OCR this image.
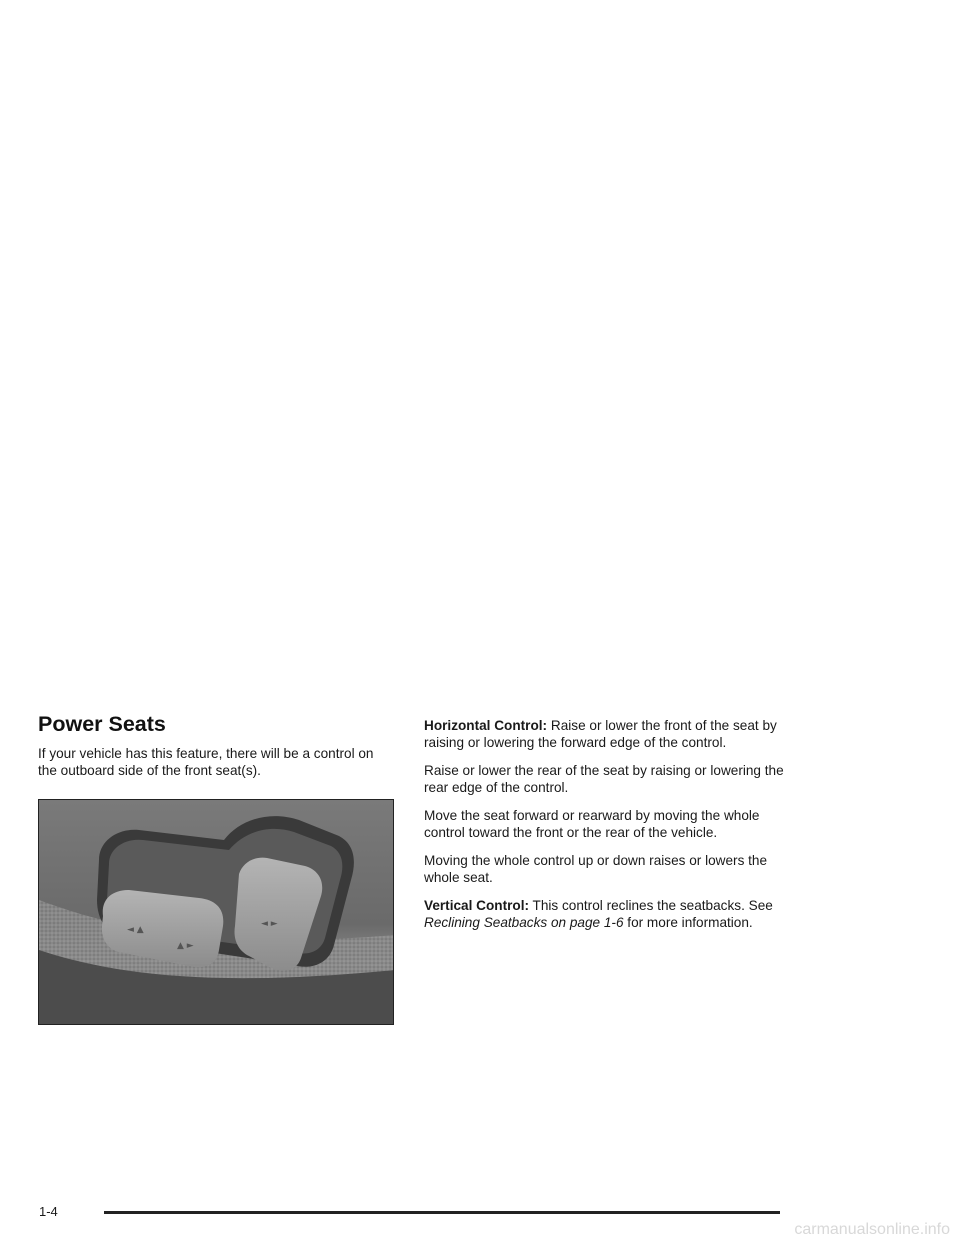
Power Seats

If your vehicle has this feature, there will be a control on the outboard side of the front seat(s).

◄ ▲
▲ ►
◄ ►

Horizontal Control: Raise or lower the front of the seat by raising or lowering the forward edge of the control.

Raise or lower the rear of the seat by raising or lowering the rear edge of the control.

Move the seat forward or rearward by moving the whole control toward the front or the rear of the vehicle.

Moving the whole control up or down raises or lowers the whole seat.

Vertical Control: This control reclines the seatbacks. See Reclining Seatbacks on page 1-6 for more information.

1-4
carmanualsonline.info
